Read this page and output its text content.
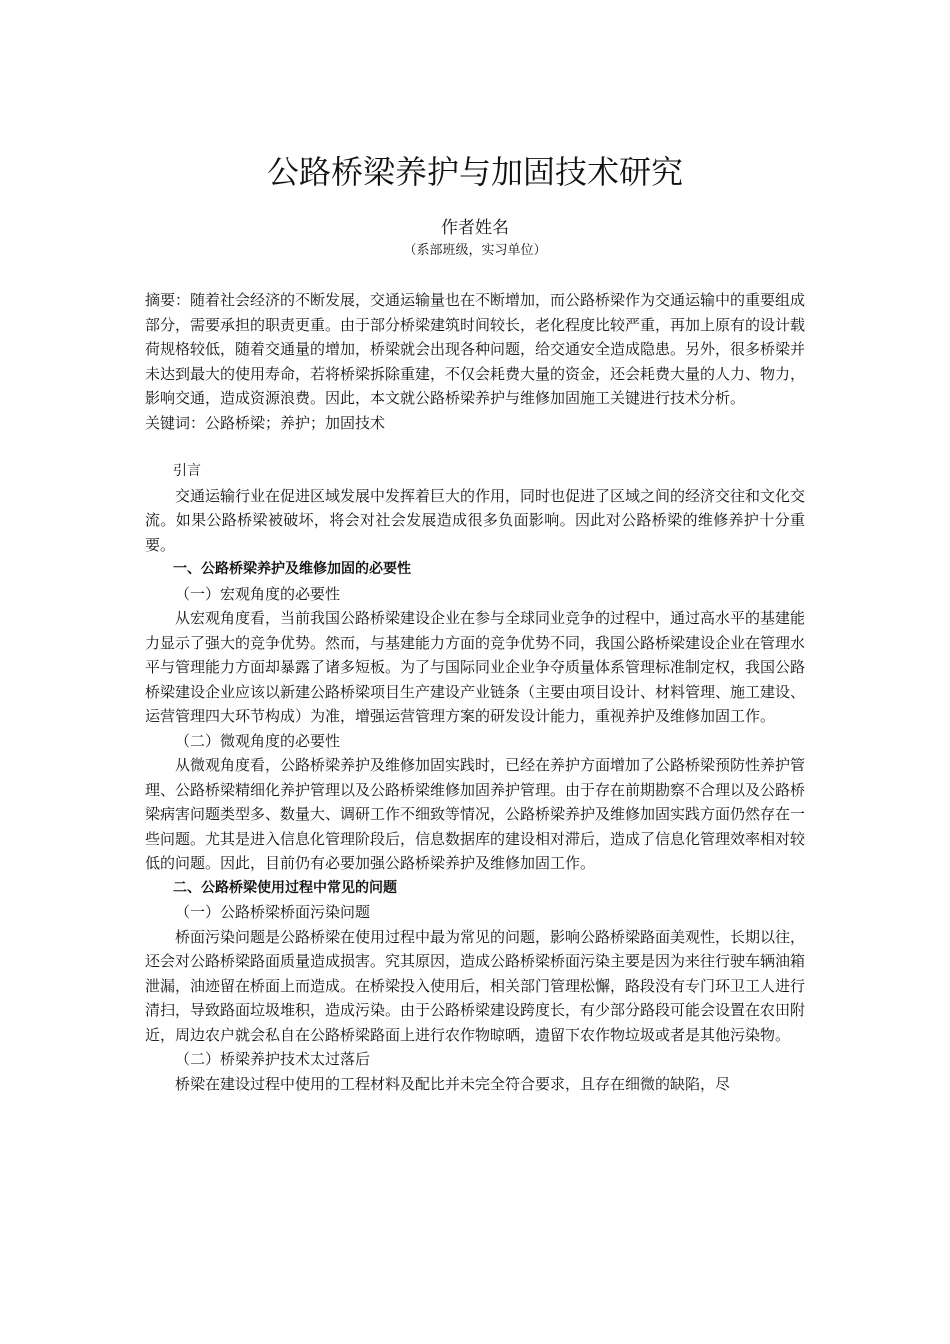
公路桥梁养护与加固技术研究
作者姓名
（系部班级，实习单位）

摘要：随着社会经济的不断发展，交通运输量也在不断增加，而公路桥梁作为交通运输中的重要组成部分，需要承担的职责更重。由于部分桥梁建筑时间较长，老化程度比较严重，再加上原有的设计载荷规格较低，随着交通量的增加，桥梁就会出现各种问题，给交通安全造成隐患。另外，很多桥梁并未达到最大的使用寿命，若将桥梁拆除重建，不仅会耗费大量的资金，还会耗费大量的人力、物力，影响交通，造成资源浪费。因此，本文就公路桥梁养护与维修加固施工关键进行技术分析。

关键词：公路桥梁；养护；加固技术

引言

交通运输行业在促进区域发展中发挥着巨大的作用，同时也促进了区域之间的经济交往和文化交流。如果公路桥梁被破坏，将会对社会发展造成很多负面影响。因此对公路桥梁的维修养护十分重要。

一、公路桥梁养护及维修加固的必要性

（一）宏观角度的必要性

从宏观角度看，当前我国公路桥梁建设企业在参与全球同业竞争的过程中，通过高水平的基建能力显示了强大的竞争优势。然而，与基建能力方面的竞争优势不同，我国公路桥梁建设企业在管理水平与管理能力方面却暴露了诸多短板。为了与国际同业企业争夺质量体系管理标准制定权，我国公路桥梁建设企业应该以新建公路桥梁项目生产建设产业链条（主要由项目设计、材料管理、施工建设、运营管理四大环节构成）为准，增强运营管理方案的研发设计能力，重视养护及维修加固工作。

（二）微观角度的必要性

从微观角度看，公路桥梁养护及维修加固实践时，已经在养护方面增加了公路桥梁预防性养护管理、公路桥梁精细化养护管理以及公路桥梁维修加固养护管理。由于存在前期勘察不合理以及公路桥梁病害问题类型多、数量大、调研工作不细致等情况，公路桥梁养护及维修加固实践方面仍然存在一些问题。尤其是进入信息化管理阶段后，信息数据库的建设相对滞后，造成了信息化管理效率相对较低的问题。因此，目前仍有必要加强公路桥梁养护及维修加固工作。

二、公路桥梁使用过程中常见的问题

（一）公路桥梁桥面污染问题

桥面污染问题是公路桥梁在使用过程中最为常见的问题，影响公路桥梁路面美观性，长期以往，还会对公路桥梁路面质量造成损害。究其原因，造成公路桥梁桥面污染主要是因为来往行驶车辆油箱泄漏，油迹留在桥面上而造成。在桥梁投入使用后，相关部门管理松懈，路段没有专门环卫工人进行清扫，导致路面垃圾堆积，造成污染。由于公路桥梁建设跨度长，有少部分路段可能会设置在农田附近，周边农户就会私自在公路桥梁路面上进行农作物晾晒，遗留下农作物垃圾或者是其他污染物。

（二）桥梁养护技术太过落后

桥梁在建设过程中使用的工程材料及配比并未完全符合要求，且存在细微的缺陷，尽
